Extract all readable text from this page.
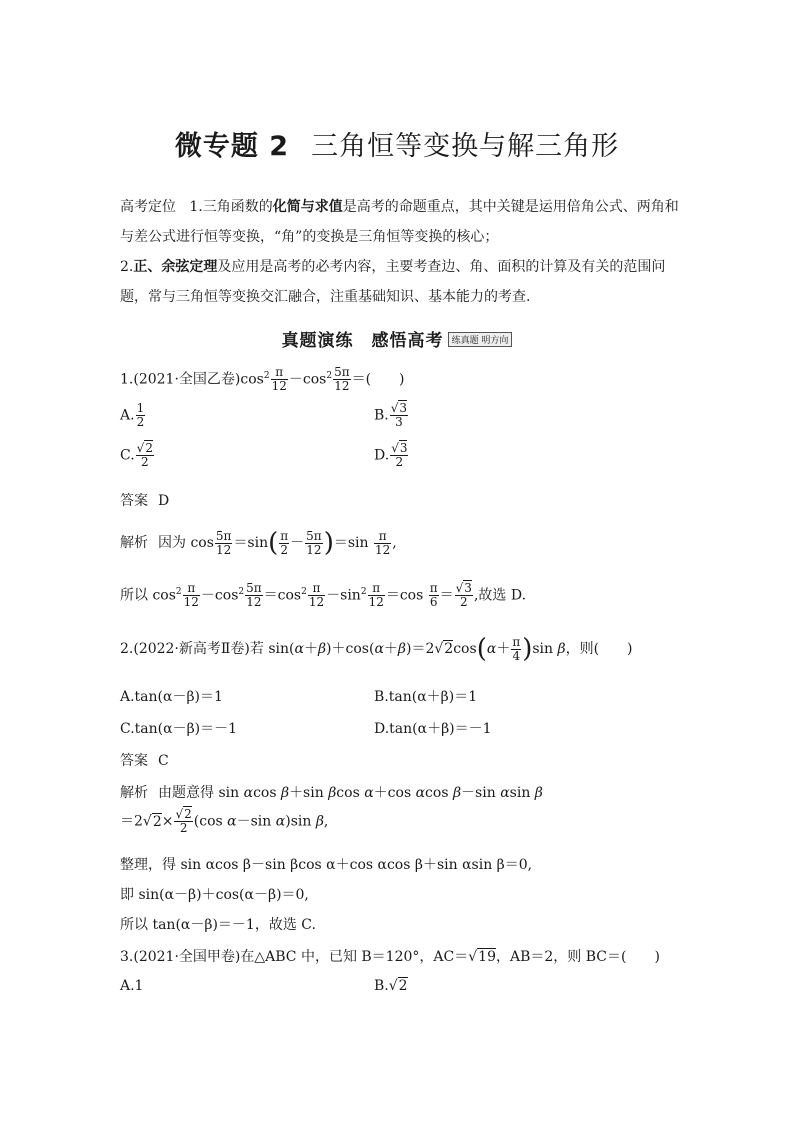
微专题 2 三角恒等变换与解三角形
高考定位 1.三角函数的化简与求值是高考的命题重点，其中关键是运用倍角公式、两角和与差公式进行恒等变换，“角”的变换是三角恒等变换的核心；
2.正、余弦定理及应用是高考的必考内容，主要考查边、角、面积的计算及有关的范围问题，常与三角恒等变换交汇融合，注重基础知识、基本能力的考查.
真题演练　感悟高考 练真题 明方向
1.(2021·全国乙卷)$\cos^2 \frac{\pi}{12} -\cos^2 \frac{5\pi}{12}$ ＝(　　)
A. $\frac{1}{2}$	B. $\frac{√3}{3}$
C. $\frac{√2}{2}$	D. $\frac{√3}{2}$
答案 D
解析 因为 $\cos \frac{5\pi}{12} =\sin( \frac{\pi}{2} - \frac{5\pi}{12} )=\sin \frac{\pi}{12}$ ,
所以 $\cos^2 \frac{\pi}{12} -\cos^2 \frac{5\pi}{12} =\cos^2 \frac{\pi}{12} -\sin^2 \frac{\pi}{12} =\cos \frac{\pi}{6} = \frac{√3}{2}$ ,故选 D.
2.(2022·新高考Ⅱ卷)若 $\sin(\alpha+\beta)+\cos(\alpha+\beta)=2√2\cos(\alpha+ \frac{\pi}{4} )\sin$ β，则(　　)
A.tan(α－β)＝1	B.tan(α＋β)＝1
C.tan(α－β)＝－1	D.tan(α＋β)＝－1
答案 C
解析 由题意得 sin αcos β＋sin βcos α＋cos αcos β－sin αsin β
$=2√2\times \frac{√2}{2} (\cos$ α－sin α)sin β,
整理，得 sin αcos β－sin βcos α＋cos αcos β＋sin αsin β＝0,
即 sin(α－β)＋cos(α－β)＝0,
所以 tan(α－β)＝－1，故选 C.
3.(2021·全国甲卷)在△ABC 中，已知 B＝120°，AC＝√19，AB＝2，则 BC＝(　　)
A.1	B.√2
